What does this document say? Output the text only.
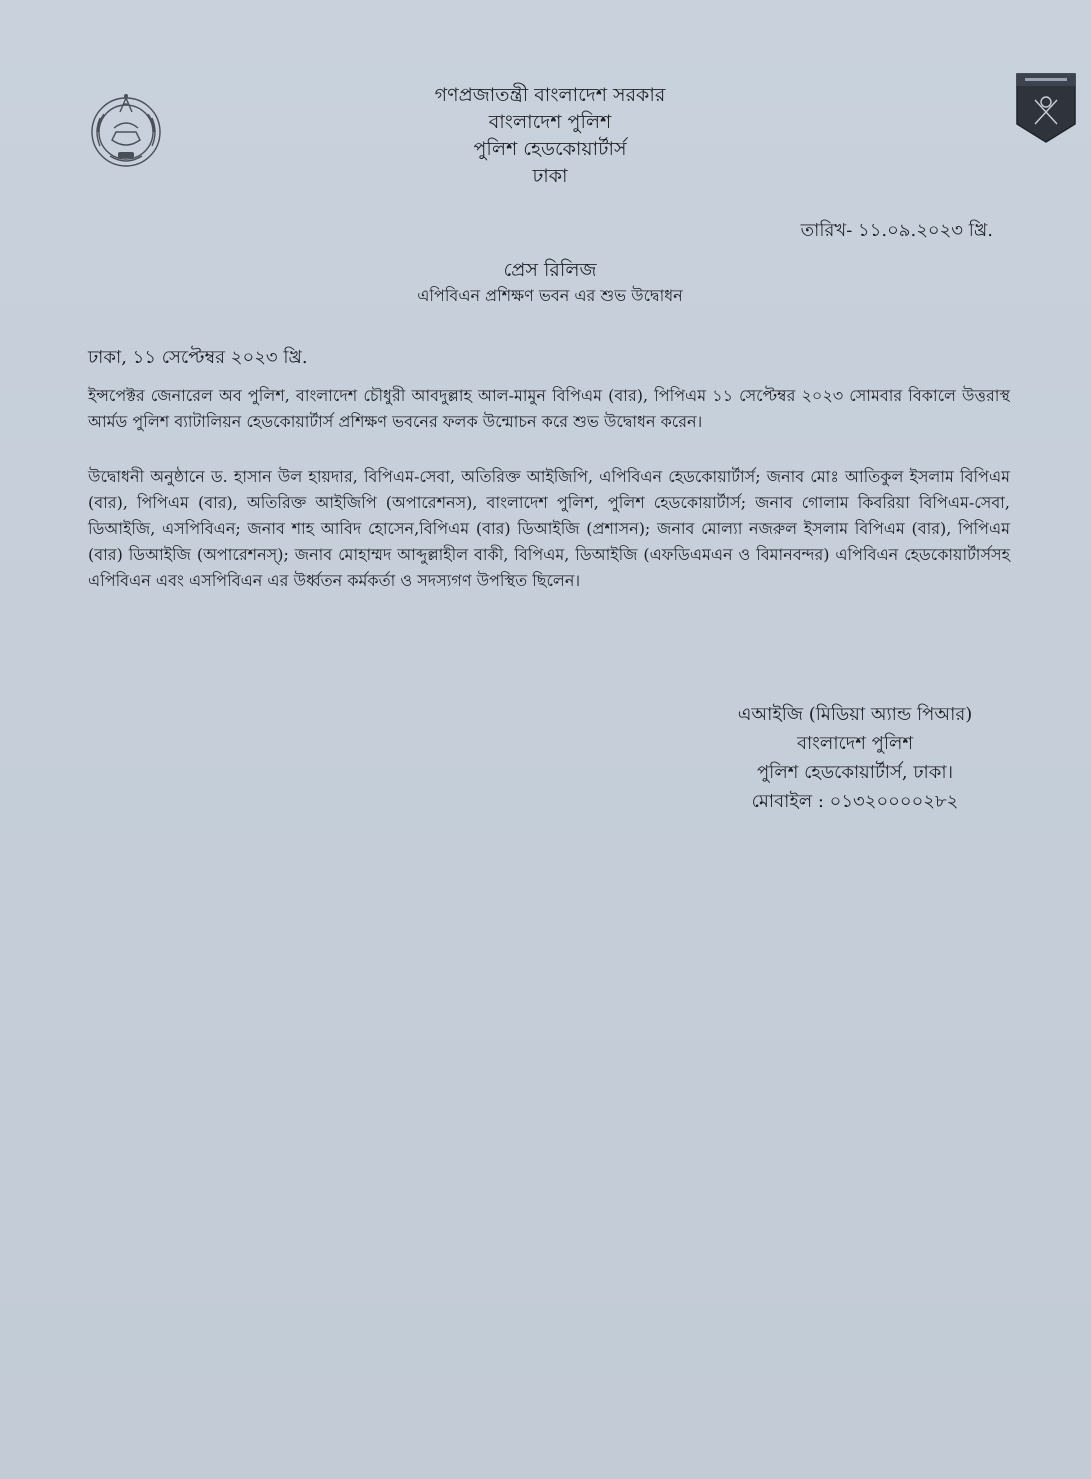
গণপ্রজাতন্ত্রী বাংলাদেশ সরকার
বাংলাদেশ পুলিশ
পুলিশ হেডকোয়ার্টার্স
ঢাকা
তারিখ- ১১.০৯.২০২৩ খ্রি.
প্রেস রিলিজ
এপিবিএন প্রশিক্ষণ ভবন এর শুভ উদ্বোধন
ঢাকা, ১১ সেপ্টেম্বর ২০২৩ খ্রি.
ইন্সপেক্টর জেনারেল অব পুলিশ, বাংলাদেশ চৌধুরী আবদুল্লাহ আল-মামুন বিপিএম (বার), পিপিএম ১১ সেপ্টেম্বর ২০২৩ সোমবার বিকালে উত্তরাস্থ আর্মড পুলিশ ব্যাটালিয়ন হেডকোয়ার্টার্স প্রশিক্ষণ ভবনের ফলক উন্মোচন করে শুভ উদ্বোধন করেন।
উদ্বোধনী অনুষ্ঠানে ড. হাসান উল হায়দার, বিপিএম-সেবা, অতিরিক্ত আইজিপি, এপিবিএন হেডকোয়ার্টার্স; জনাব মোঃ আতিকুল ইসলাম বিপিএম (বার), পিপিএম (বার), অতিরিক্ত আইজিপি (অপারেশনস), বাংলাদেশ পুলিশ, পুলিশ হেডকোয়ার্টার্স; জনাব গোলাম কিবরিয়া বিপিএম-সেবা, ডিআইজি, এসপিবিএন; জনাব শাহ আবিদ হোসেন,বিপিএম (বার) ডিআইজি (প্রশাসন); জনাব মোল্যা নজরুল ইসলাম বিপিএম (বার), পিপিএম (বার) ডিআইজি (অপারেশনস্); জনাব মোহাম্মদ আব্দুল্লাহীল বাকী, বিপিএম, ডিআইজি (এফডিএমএন ও বিমানবন্দর) এপিবিএন হেডকোয়ার্টার্সসহ এপিবিএন এবং এসপিবিএন এর উর্ধ্বতন কর্মকর্তা ও সদস্যগণ উপস্থিত ছিলেন।
এআইজি (মিডিয়া অ্যান্ড পিআর)
বাংলাদেশ পুলিশ
পুলিশ হেডকোয়ার্টার্স, ঢাকা।
মোবাইল : ০১৩২০০০০২৮২
